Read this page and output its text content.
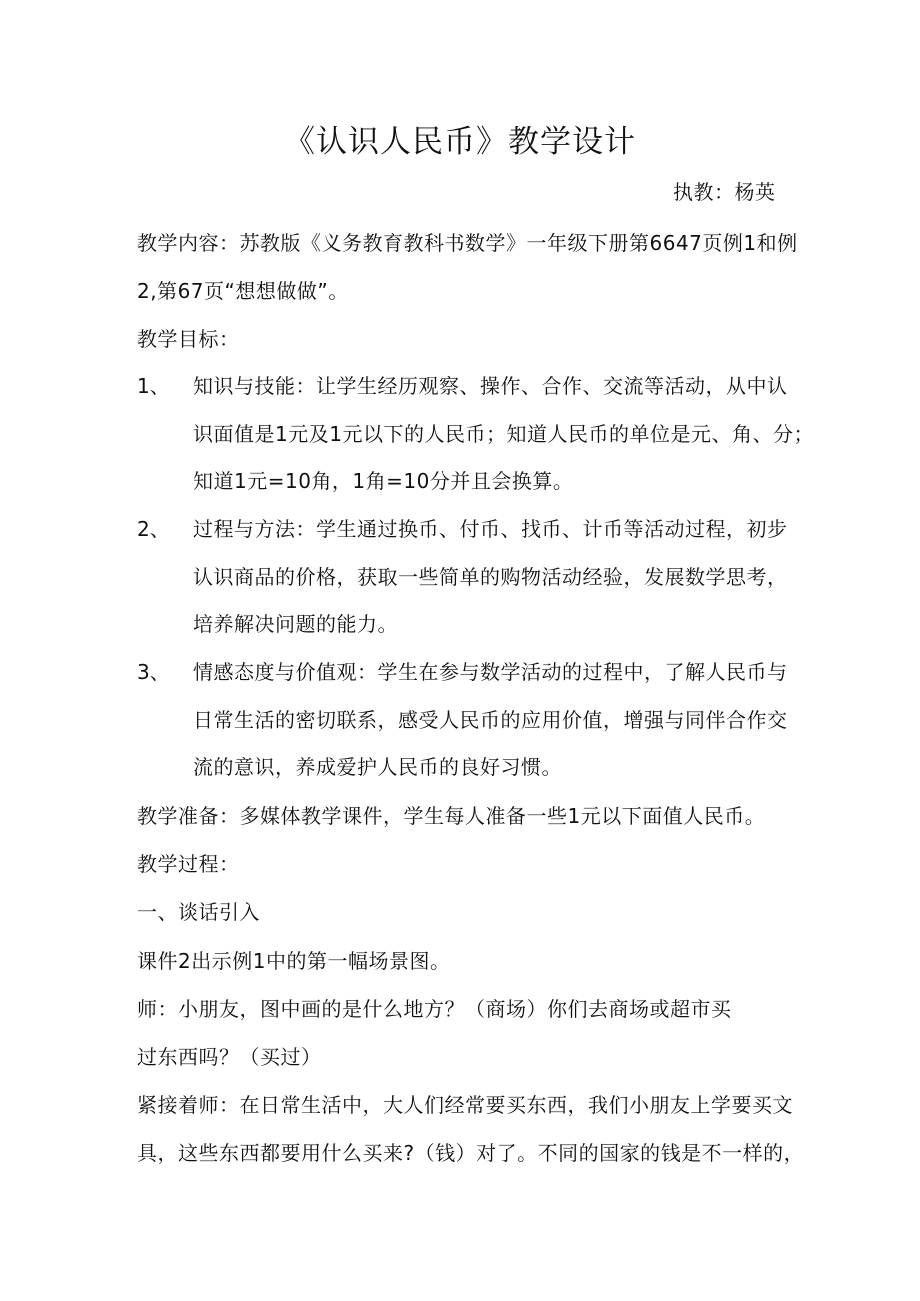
《认识人民币》教学设计
执教：杨英
教学内容：苏教版《义务教育教科书数学》一年级下册第6647页例1和例
2,第67页“想想做做”。
教学目标：
1、 知识与技能：让学生经历观察、操作、合作、交流等活动，从中认
识面值是1元及1元以下的人民币；知道人民币的单位是元、角、分；
知道1元=10角，1角=10分并且会换算。
2、 过程与方法：学生通过换币、付币、找币、计币等活动过程，初步
认识商品的价格，获取一些简单的购物活动经验，发展数学思考，
培养解决问题的能力。
3、 情感态度与价值观：学生在参与数学活动的过程中，了解人民币与
日常生活的密切联系，感受人民币的应用价值，增强与同伴合作交
流的意识，养成爱护人民币的良好习惯。
教学准备：多媒体教学课件，学生每人准备一些1元以下面值人民币。
教学过程：
一、谈话引入
课件2出示例1中的第一幅场景图。
师：小朋友，图中画的是什么地方？（商场）你们去商场或超市买
过东西吗？（买过）
紧接着师：在日常生活中，大人们经常要买东西，我们小朋友上学要买文
具，这些东西都要用什么买来?（钱）对了。不同的国家的钱是不一样的，
